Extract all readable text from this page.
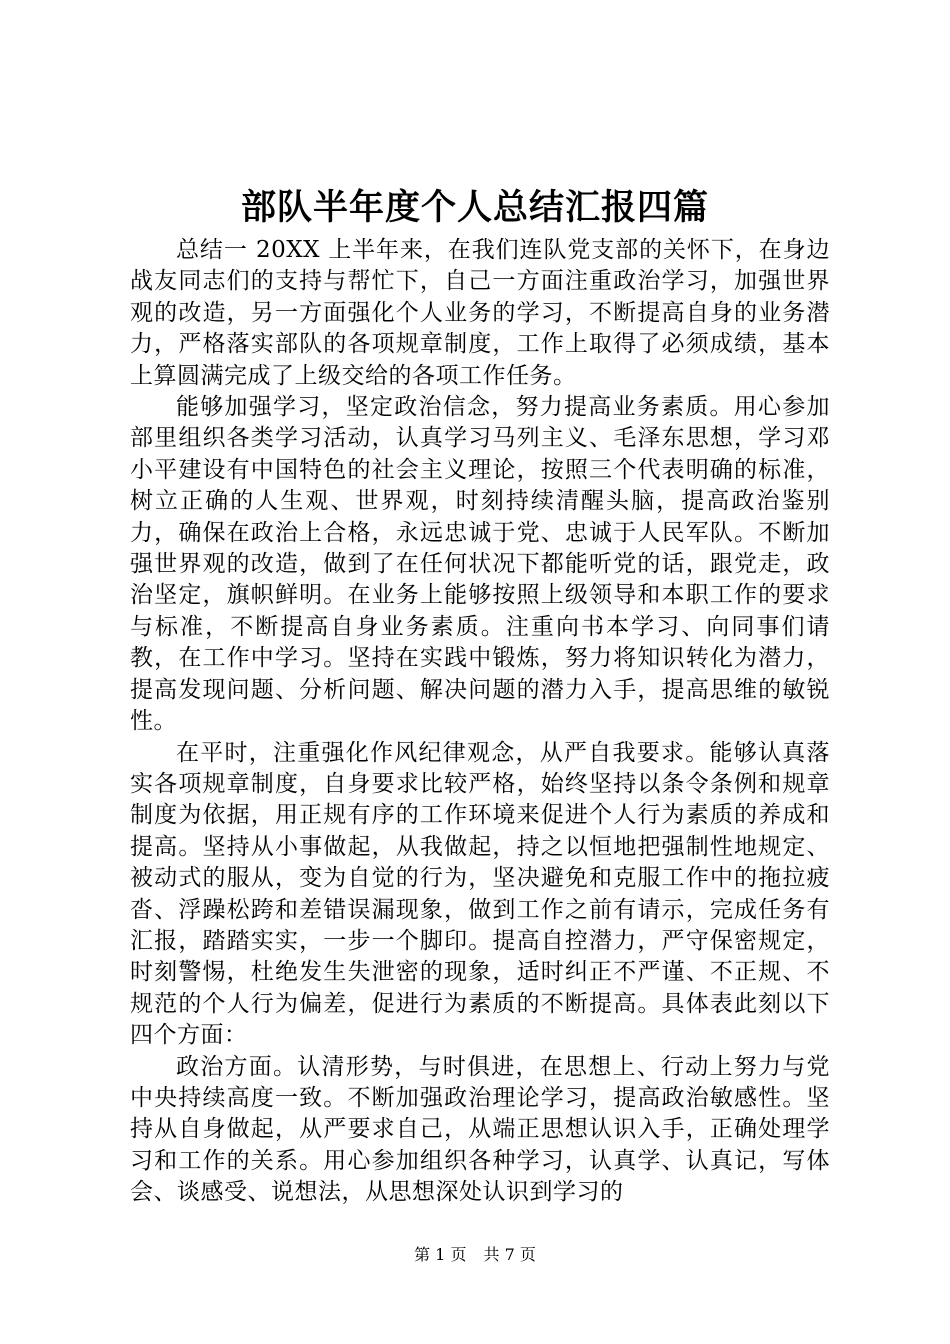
部队半年度个人总结汇报四篇

总结一 20XX 上半年来，在我们连队党支部的关怀下，在身边战友同志们的支持与帮忙下，自己一方面注重政治学习，加强世界观的改造，另一方面强化个人业务的学习，不断提高自身的业务潜力，严格落实部队的各项规章制度，工作上取得了必须成绩，基本上算圆满完成了上级交给的各项工作任务。

能够加强学习，坚定政治信念，努力提高业务素质。用心参加部里组织各类学习活动，认真学习马列主义、毛泽东思想，学习邓小平建设有中国特色的社会主义理论，按照三个代表明确的标准，树立正确的人生观、世界观，时刻持续清醒头脑，提高政治鉴别力，确保在政治上合格，永远忠诚于党、忠诚于人民军队。不断加强世界观的改造，做到了在任何状况下都能听党的话，跟党走，政治坚定，旗帜鲜明。在业务上能够按照上级领导和本职工作的要求与标准，不断提高自身业务素质。注重向书本学习、向同事们请教，在工作中学习。坚持在实践中锻炼，努力将知识转化为潜力，提高发现问题、分析问题、解决问题的潜力入手，提高思维的敏锐性。

在平时，注重强化作风纪律观念，从严自我要求。能够认真落实各项规章制度，自身要求比较严格，始终坚持以条令条例和规章制度为依据，用正规有序的工作环境来促进个人行为素质的养成和提高。坚持从小事做起，从我做起，持之以恒地把强制性地规定、被动式的服从，变为自觉的行为，坚决避免和克服工作中的拖拉疲沓、浮躁松跨和差错误漏现象，做到工作之前有请示，完成任务有汇报，踏踏实实，一步一个脚印。提高自控潜力，严守保密规定，时刻警惕，杜绝发生失泄密的现象，适时纠正不严谨、不正规、不规范的个人行为偏差，促进行为素质的不断提高。具体表此刻以下四个方面：

政治方面。认清形势，与时俱进，在思想上、行动上努力与党中央持续高度一致。不断加强政治理论学习，提高政治敏感性。坚持从自身做起，从严要求自己，从端正思想认识入手，正确处理学习和工作的关系。用心参加组织各种学习，认真学、认真记，写体会、谈感受、说想法，从思想深处认识到学习的

第 1 页 共 7 页
